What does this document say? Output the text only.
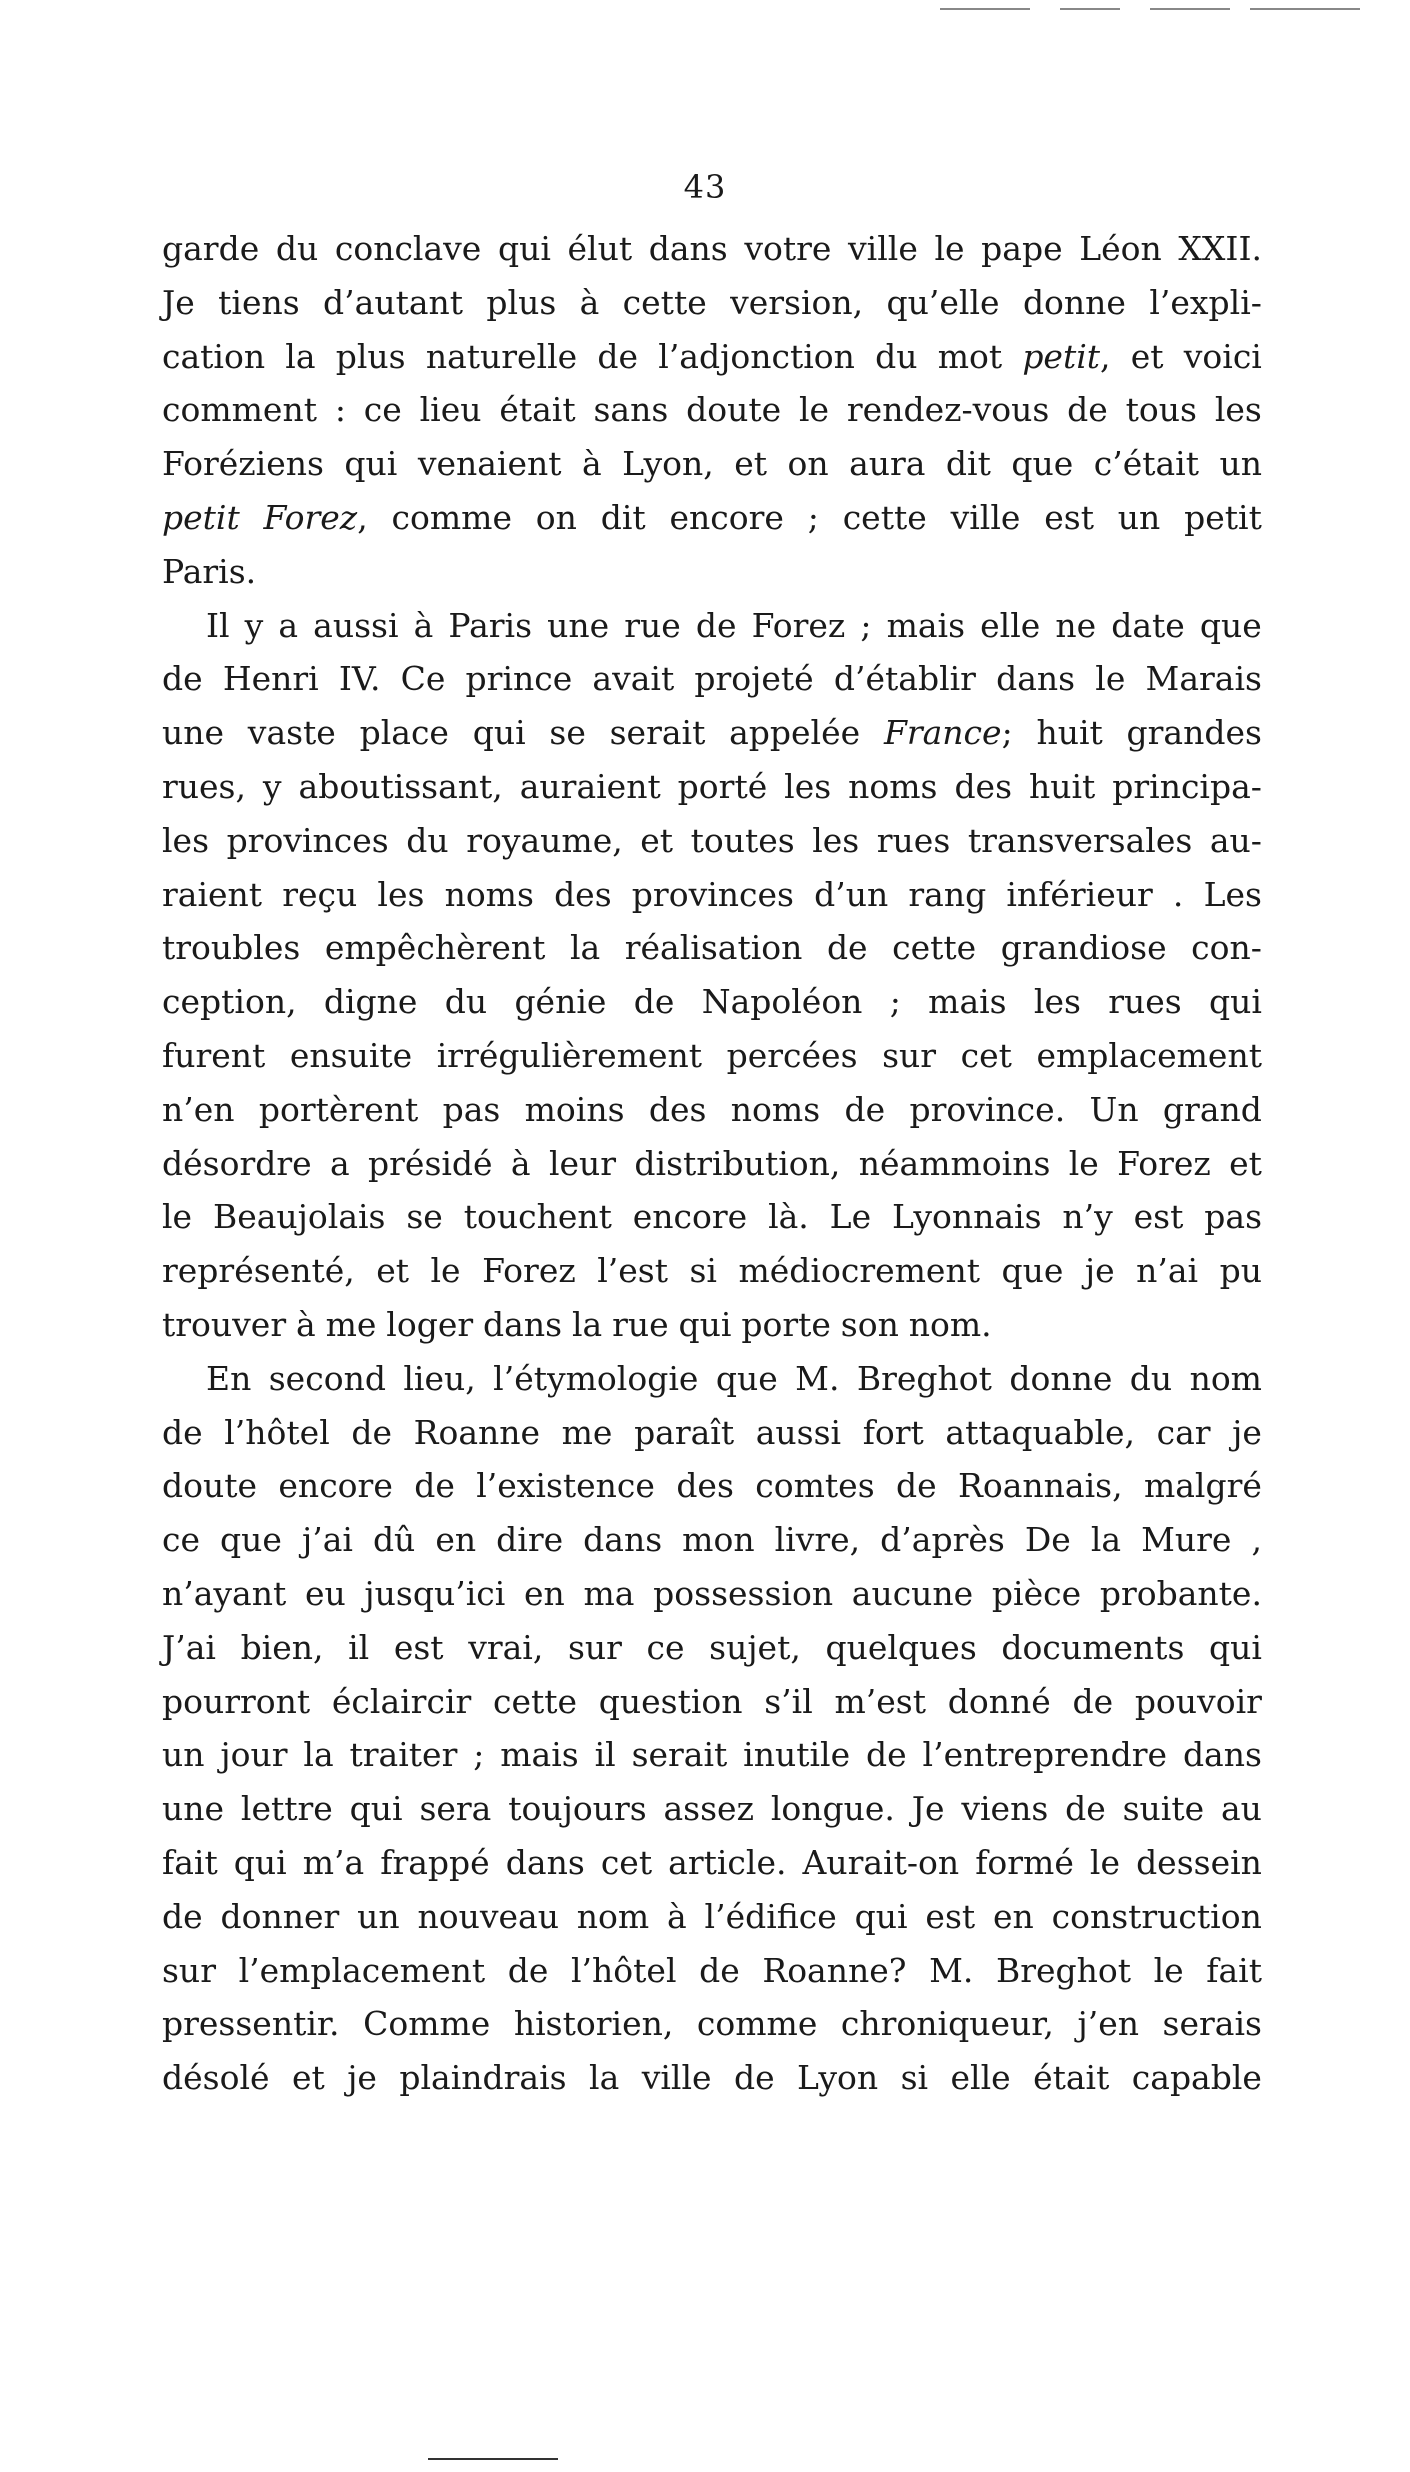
43
garde du conclave qui élut dans votre ville le pape Léon XXII.
Je tiens d’autant plus à cette version, qu’elle donne l’expli-
cation la plus naturelle de l’adjonction du mot petit, et voici
comment : ce lieu était sans doute le rendez-vous de tous les
Foréziens qui venaient à Lyon, et on aura dit que c’était un
petit Forez, comme on dit encore ; cette ville est un petit
Paris.
Il y a aussi à Paris une rue de Forez ; mais elle ne date que
de Henri IV. Ce prince avait projeté d’établir dans le Marais
une vaste place qui se serait appelée France; huit grandes
rues, y aboutissant, auraient porté les noms des huit principa-
les provinces du royaume, et toutes les rues transversales au-
raient reçu les noms des provinces d’un rang inférieur . Les
troubles empêchèrent la réalisation de cette grandiose con-
ception, digne du génie de Napoléon ; mais les rues qui
furent ensuite irrégulièrement percées sur cet emplacement
n’en portèrent pas moins des noms de province. Un grand
désordre a présidé à leur distribution, néammoins le Forez et
le Beaujolais se touchent encore là. Le Lyonnais n’y est pas
représenté, et le Forez l’est si médiocrement que je n’ai pu
trouver à me loger dans la rue qui porte son nom.
En second lieu, l’étymologie que M. Breghot donne du nom
de l’hôtel de Roanne me paraît aussi fort attaquable, car je
doute encore de l’existence des comtes de Roannais, malgré
ce que j’ai dû en dire dans mon livre, d’après De la Mure ,
n’ayant eu jusqu’ici en ma possession aucune pièce probante.
J’ai bien, il est vrai, sur ce sujet, quelques documents qui
pourront éclaircir cette question s’il m’est donné de pouvoir
un jour la traiter ; mais il serait inutile de l’entreprendre dans
une lettre qui sera toujours assez longue. Je viens de suite au
fait qui m’a frappé dans cet article. Aurait-on formé le dessein
de donner un nouveau nom à l’édifice qui est en construction
sur l’emplacement de l’hôtel de Roanne? M. Breghot le fait
pressentir. Comme historien, comme chroniqueur, j’en serais
désolé et je plaindrais la ville de Lyon si elle était capable
